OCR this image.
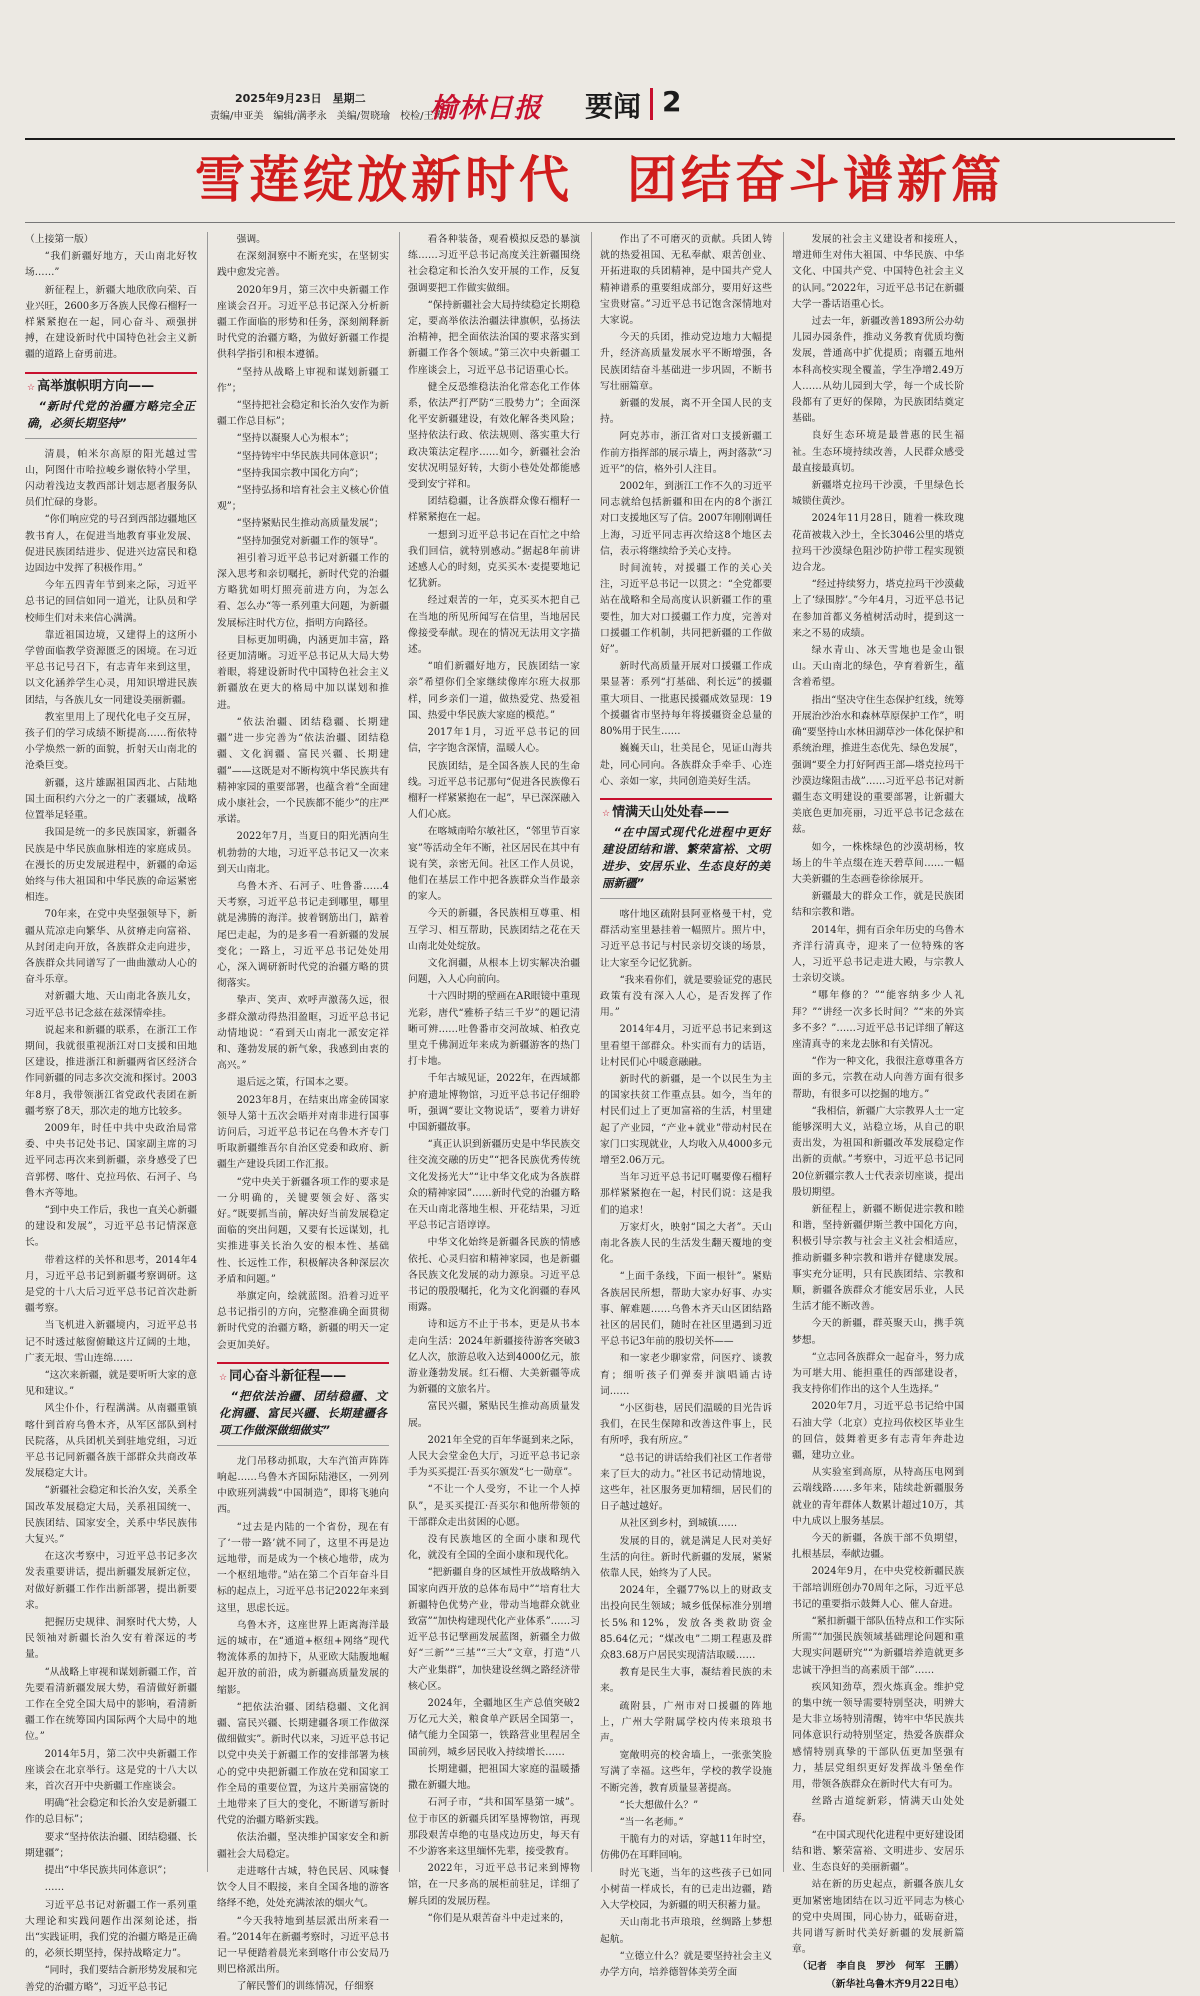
2025年9月23日　星期二
责编/申亚美　编辑/满孝永　美编/贺晓瑜　校检/王涛
榆林日报 要闻 2
雪莲绽放新时代　团结奋斗谱新篇

（上接第一版）

“我们新疆好地方，天山南北好牧场……”

新征程上，新疆大地欣欣向荣、百业兴旺，2600多万各族人民像石榴籽一样紧紧抱在一起，同心奋斗、顽强拼搏，在建设新时代中国特色社会主义新疆的道路上奋勇前进。

☆ 高举旗帜明方向——

“新时代党的治疆方略完全正确，必须长期坚持”

清晨，帕米尔高原的阳光越过雪山，阿图什市哈拉峻乡谢依特小学里，闪动着浅边支教西部计划志愿者服务队员们忙碌的身影。

“你们响应党的号召到西部边疆地区教书育人，在促进当地教育事业发展、促进民族团结进步、促进兴边富民和稳边固边中发挥了积极作用。”

今年五四青年节到来之际，习近平总书记的回信如同一道光，让队员和学校师生们对未来信心满满。

靠近祖国边境，又建得上的这所小学曾面临教学资源匮乏的困境。在习近平总书记号召下，有志青年来到这里，以文化涵养学生心灵，用知识增进民族团结，与各族儿女一同建设美丽新疆。

教室里用上了现代化电子交互屏，孩子们的学习成绩不断提高……衔依特小学焕然一新的面貌，折射天山南北的沧桑巨变。

新疆，这片雄踞祖国西北、占陆地国土面积约六分之一的广袤疆域，战略位置举足轻重。

我国是统一的多民族国家，新疆各民族是中华民族血脉相连的家庭成员。在漫长的历史发展进程中，新疆的命运始终与伟大祖国和中华民族的命运紧密相连。

70年来，在党中央坚强领导下，新疆从荒凉走向繁华、从贫瘠走向富裕、从封闭走向开放，各族群众走向进步，各族群众共同谱写了一曲曲激动人心的奋斗乐章。

对新疆大地、天山南北各族儿女，习近平总书记念兹在兹深情牵挂。

说起来和新疆的联系，在浙江工作期间，我就很重视浙江对口支援和田地区建设，推进浙江和新疆两省区经济合作同新疆的同志多次交流和探讨。2003年8月，我带领浙江省党政代表团在新疆考察了8天，那次走的地方比较多。

2009年，时任中共中央政治局常委、中央书记处书记、国家副主席的习近平同志再次来到新疆，亲身感受了巴音郭楞、喀什、克拉玛依、石河子、乌鲁木齐等地。

“到中央工作后，我也一直关心新疆的建设和发展”，习近平总书记情深意长。

带着这样的关怀和思考，2014年4月，习近平总书记到新疆考察调研。这是党的十八大后习近平总书记首次赴新疆考察。

当飞机进入新疆境内，习近平总书记不时透过舷窗俯瞰这片辽阔的土地，广袤无垠、雪山连绵……

“这次来新疆，就是要听听大家的意见和建议。”

风尘仆仆，行程满满。从南疆重镇喀什到首府乌鲁木齐，从军区部队到村民院落，从兵团机关到驻地党组，习近平总书记同新疆各族干部群众共商改革发展稳定大计。

“新疆社会稳定和长治久安，关系全国改革发展稳定大局，关系祖国统一、民族团结、国家安全，关系中华民族伟大复兴。”

在这次考察中，习近平总书记多次发表重要讲话，提出新疆发展新定位，对做好新疆工作作出新部署，提出新要求。

把握历史规律、洞察时代大势，人民领袖对新疆长治久安有着深远的考量。

“从战略上审视和谋划新疆工作，首先要看清新疆发展大势，看清做好新疆工作在全党全国大局中的影响，看清新疆工作在统筹国内国际两个大局中的地位。”

2014年5月，第二次中央新疆工作座谈会在北京举行。这是党的十八大以来，首次召开中央新疆工作座谈会。

明确“社会稳定和长治久安是新疆工作的总目标”；

要求“坚持依法治疆、团结稳疆、长期建疆”；

提出“中华民族共同体意识”；

……

习近平总书记对新疆工作一系列重大理论和实践问题作出深刻论述，指出“实践证明，我们党的治疆方略是正确的，必须长期坚持，保持战略定力”。

“同时，我们要结合新形势发展和完善党的治疆方略”，习近平总书记

强调。

在深刻洞察中不断充实，在坚韧实践中愈发完善。

2020年9月，第三次中央新疆工作座谈会召开。习近平总书记深入分析新疆工作面临的形势和任务，深刻阐释新时代党的治疆方略，为做好新疆工作提供科学指引和根本遵循。

“坚持从战略上审视和谋划新疆工作”；

“坚持把社会稳定和长治久安作为新疆工作总目标”；

“坚持以凝聚人心为根本”；

“坚持铸牢中华民族共同体意识”；

“坚持我国宗教中国化方向”；

“坚持弘扬和培育社会主义核心价值观”；

“坚持紧贴民生推动高质量发展”；

“坚持加强党对新疆工作的领导”。

袒引着习近平总书记对新疆工作的深入思考和亲切嘱托，新时代党的治疆方略犹如明灯照亮前进方向，为怎么看、怎么办“等一系列重大问题，为新疆发展标注时代方位，指明方向路径。

目标更加明确，内涵更加丰富，路径更加清晰。习近平总书记从大局大势着眼，将建设新时代中国特色社会主义新疆放在更大的格局中加以谋划和推进。

“依法治疆、团结稳疆、长期建疆”进一步完善为“依法治疆、团结稳疆、文化润疆、富民兴疆、长期建疆”——这既是对不断构筑中华民族共有精神家园的重要部署，也蕴含着“全面建成小康社会，一个民族都不能少”的庄严承诺。

2022年7月，当夏日的阳光洒向生机勃勃的大地，习近平总书记又一次来到天山南北。

乌鲁木齐、石河子、吐鲁番……4天考察，习近平总书记走到哪里，哪里就是沸腾的海洋。披着钢筋出门，踮着尾巴走起，为的是多看一看新疆的发展变化；一路上，习近平总书记处处用心，深入调研新时代党的治疆方略的贯彻落实。

挚声、笑声、欢呼声激荡久远，很多群众激动得热泪盈眶，习近平总书记动情地说：“看到天山南北一派安定祥和、蓬勃发展的新气象，我感到由衷的高兴。”

退后远之策，行国本之要。

2023年8月，在结束出席金砖国家领导人第十五次会晤并对南非进行国事访问后，习近平总书记在乌鲁木齐专门听取新疆维吾尔自治区党委和政府、新疆生产建设兵团工作汇报。

“党中央关于新疆各项工作的要求是一分明确的，关键要领会好、落实好。”既要抓当前，解决好当前发展稳定面临的突出问题，又要有长远谋划，扎实推进事关长治久安的根本性、基础性、长远性工作，积极解决各种深层次矛盾和问题。”

举旗定向，绘就蓝图。沿着习近平总书记指引的方向，完整准确全面贯彻新时代党的治疆方略，新疆的明天一定会更加美好。

☆ 同心奋斗新征程——

“把依法治疆、团结稳疆、文化润疆、富民兴疆、长期建疆各项工作做深做细做实”

龙门吊移动抓取，大车汽笛声阵阵响起……乌鲁木齐国际陆港区，一列列中欧班列满载“中国制造”，即将飞驰向西。

“过去是内陆的一个省份，现在有了‘一带一路’就不同了，这里不再是边远地带，而是成为一个核心地带，成为一个枢纽地带。”站在第二个百年奋斗目标的起点上，习近平总书记2022年来到这里，思虑长远。

乌鲁木齐，这座世界上距离海洋最远的城市，在“通道+枢纽+网络”现代物流体系的加持下，从亚欧大陆腹地崛起开放的前沿，成为新疆高质量发展的缩影。

“把依法治疆、团结稳疆、文化润疆、富民兴疆、长期建疆各项工作做深做细做实”。新时代以来，习近平总书记以党中央关于新疆工作的安排部署为核心的党中央把新疆工作放在党和国家工作全局的重要位置，为这片美丽富饶的土地带来了巨大的变化，不断谱写新时代党的治疆方略新实践。

依法治疆，坚决维护国家安全和新疆社会大局稳定。

走进喀什古城，特色民居、风味餐饮令人目不暇接，来自全国各地的游客络绎不绝，处处充满浓浓的烟火气。

“今天我特地到基层派出所来看一看。”2014年在新疆考察时，习近平总书记一早便踏着晨光来到喀什市公安局乃则巴格派出所。

了解民警们的训练情况，仔细察

看各种装备，观看模拟反恐的暴演练……习近平总书记高度关注新疆围绕社会稳定和长治久安开展的工作，反复强调要把工作做实做细。

“保持新疆社会大局持续稳定长期稳定，要高举依法治疆法律旗帜，弘扬法治精神，把全面依法治国的要求落实到新疆工作各个领域。”第三次中央新疆工作座谈会上，习近平总书记语重心长。

健全反恐维稳法治化常态化工作体系，依法严打严防“三股势力”；全面深化平安新疆建设，有效化解各类风险；坚持依法行政、依法规则、落实重大行政决策法定程序……如今，新疆社会治安状况明显好转，大街小巷处处都能感受到安宁祥和。

团结稳疆，让各族群众像石榴籽一样紧紧抱在一起。

一想到习近平总书记在百忙之中给我们回信，就特别感动。”据起8年前讲述感人心的时刻，克买买木·麦提要地记忆犹新。

经过艰苦的一年，克买买木把自己在当地的所见所闻写在信里，当地居民像接受奉献。现在的情况无法用文字描述。

“咱们新疆好地方，民族团结一家亲”希望你们全家继续像库尔班大叔那样，同乡亲们一道，做热爱党、热爱祖国、热爱中华民族大家庭的模范。”

2017年1月，习近平总书记的回信，字字饱含深情，温暖人心。

民族团结，是全国各族人民的生命线。习近平总书记那句“促进各民族像石榴籽一样紧紧抱在一起”，早已深深融入人们心底。

在喀城南哈尔敏社区，“邻里节百家宴”等活动全年不断，社区居民在其中有说有笑，亲密无间。社区工作人员说，他们在基层工作中把各族群众当作最亲的家人。

今天的新疆，各民族相互尊重、相互学习、相互帮助，民族团结之花在天山南北处处绽放。

文化润疆，从根本上切实解决治疆问题，入人心向前向。

十六四时期的壁画在AR眼镜中重现光彩，唐代“雅桥子结三千岁”的题记清晰可辨……吐鲁番市交河故城、柏孜克里克千佛洞近年来成为新疆游客的热门打卡地。

千年古城见证，2022年，在西域都护府遗址博物馆，习近平总书记仔细聆听，强调“要让文物说话”，要着力讲好中国新疆故事。

“真正认识到新疆历史是中华民族交往交流交融的历史”“把各民族优秀传统文化发扬光大”“让中华文化成为各族群众的精神家园”……新时代党的治疆方略在天山南北落地生根、开花结果，习近平总书记言语谆谆。

中华文化始终是新疆各民族的情感依托、心灵归宿和精神家园，也是新疆各民族文化发展的动力源泉。习近平总书记的殷殷嘱托，化为文化润疆的春风雨露。

诗和远方不止于书本，更是从书本走向生活：2024年新疆接待游客突破3亿人次，旅游总收入达到4000亿元，旅游业蓬勃发展。红石榴、大美新疆等成为新疆的文旅名片。

富民兴疆，紧贴民生推动高质量发展。

2021年全党的百年华诞到来之际，人民大会堂金色大厅，习近平总书记亲手为买买提江·吾买尔颁发“七一勋章”。

“不让一个人受穷，不让一个人掉队”，是买买提江·吾买尔和他所带领的干部群众走出贫困的心愿。

没有民族地区的全面小康和现代化，就没有全国的全面小康和现代化。

“把新疆自身的区域性开放战略纳入国家向西开放的总体布局中”“培育壮大新疆特色优势产业，带动当地群众就业致富”“加快构建现代化产业体系”……习近平总书记擘画发展蓝图，新疆全力做好“三新”“三基”“三大”文章，打造“八大产业集群”，加快建设丝绸之路经济带核心区。

2024年，全疆地区生产总值突破2万亿元大关，粮食单产跃居全国第一，储气能力全国第一，铁路营业里程居全国前列，城乡居民收入持续增长……

长期建疆，把祖国大家庭的温暖播撒在新疆大地。

石河子市，“共和国军垦第一城”。位于市区的新疆兵团军垦博物馆，再现那段艰苦卓绝的屯垦戍边历史，每天有不少游客来这里缅怀先辈，接受教育。

2022年，习近平总书记来到博物馆，在一尺多高的展柜前驻足，详细了解兵团的发展历程。

“你们是从艰苦奋斗中走过来的，

作出了不可磨灭的贡献。兵团人铸就的热爱祖国、无私奉献、艰苦创业、开拓进取的兵团精神，是中国共产党人精神谱系的重要组成部分，要用好这些宝贵财富。”习近平总书记饱含深情地对大家说。

今天的兵团，推动党边地力大幅提升，经济高质量发展水平不断增强，各民族团结奋斗基础进一步巩固，不断书写壮丽篇章。

新疆的发展，离不开全国人民的支持。

阿克苏市，浙江省对口支援新疆工作前方指挥部的展示墙上，两封落款“习近平”的信，格外引人注目。

2002年，到浙江工作不久的习近平同志就给包括新疆和田在内的8个浙江对口支援地区写了信。2007年刚刚调任上海，习近平同志再次给这8个地区去信，表示将继续给予关心支持。

时间流转，对援疆工作的关心关注，习近平总书记一以贯之：“全党都要站在战略和全局高度认识新疆工作的重要性，加大对口援疆工作力度，完善对口援疆工作机制，共同把新疆的工作做好”。

新时代高质量开展对口援疆工作成果显著：系列“打基础、利长远”的援疆重大项目、一批惠民援疆成效显现：19个援疆省市坚持每年将援疆资金总量的80%用于民生……

巍巍天山，壮美昆仑，见证山海共赴，同心同向。各族群众手牵手、心连心、亲如一家，共同创造美好生活。

☆ 情满天山处处春——

“在中国式现代化进程中更好建设团结和谐、繁荣富裕、文明进步、安居乐业、生态良好的美丽新疆”

喀什地区疏附县阿亚格曼干村，党群活动室里悬挂着一幅照片。照片中，习近平总书记与村民亲切交谈的场景，让大家至今记忆犹新。

“我来看你们，就是要验证党的惠民政策有没有深入人心，是否发挥了作用。”

2014年4月，习近平总书记来到这里看望干部群众。朴实而有力的话语，让村民们心中暖意融融。

新时代的新疆，是一个以民生为主的国家扶贫工作重点县。如今，当年的村民们过上了更加富裕的生活，村里建起了产业园，“产业+就业”带动村民在家门口实现就业，人均收入从4000多元增至2.06万元。

当年习近平总书记叮嘱要像石榴籽那样紧紧抱在一起，村民们说：这是我们的追求！

万家灯火，映射“国之大者”。天山南北各族人民的生活发生翻天覆地的变化。

“上面千条线，下面一根针”。紧贴各族居民所想，帮助大家办好事、办实事、解难题……乌鲁木齐天山区团结路社区的居民们，随时在社区里遇到习近平总书记3年前的殷切关怀——

和一家老少聊家常，问医疗、谈教育；细听孩子们弹奏并演唱诵古诗词……

“小区街巷，居民们温暖的目光告诉我们，在民生保障和改善这件事上，民有所呼，我有所应。”

“总书记的讲话给我们社区工作者带来了巨大的动力。”社区书记动情地说，这些年，社区服务更加精细，居民们的日子越过越好。

从社区到乡村，到城镇……

发展的目的，就是满足人民对美好生活的向往。新时代新疆的发展，紧紧依靠人民，始终为了人民。

2024年，全疆77%以上的财政支出投向民生领域；城乡低保标准分别增长5%和12%，发放各类救助资金85.64亿元；“煤改电”二期工程惠及群众83.68万户居民实现清洁取暖……

教育是民生大事，凝结着民族的未来。

疏附县，广州市对口援疆的阵地上，广州大学附属学校内传来琅琅书声。

宽敞明亮的校舍墙上，一张张笑脸写满了幸福。这些年，学校的教学设施不断完善，教育质量显著提高。

“长大想做什么？”

“当一名老师。”

干脆有力的对话，穿越11年时空，仿佛仍在耳畔回响。

时光飞逝，当年的这些孩子已如同小树苗一样成长，有的已走出边疆，踏入大学校园，为新疆的明天积蓄力量。

天山南北书声琅琅，丝绸路上梦想起航。

“立德立什么？就是要坚持社会主义办学方向，培养德智体美劳全面

发展的社会主义建设者和接班人，增进师生对伟大祖国、中华民族、中华文化、中国共产党、中国特色社会主义的认同。”2022年，习近平总书记在新疆大学一番话语重心长。

过去一年，新疆改善1893所公办幼儿园办园条件，推动义务教育优质均衡发展，普通高中扩优提质；南疆五地州本科高校实现全覆盖，学生净增2.49万人……从幼儿园到大学，每一个成长阶段都有了更好的保障，为民族团结奠定基础。

良好生态环境是最普惠的民生福祉。生态环境持续改善，人民群众感受最直接最真切。

新疆塔克拉玛干沙漠，千里绿色长城锁住黄沙。

2024年11月28日，随着一株玫瑰花苗被栽入沙土，全长3046公里的塔克拉玛干沙漠绿色阻沙防护带工程实现锁边合龙。

“经过持续努力，塔克拉玛干沙漠截上了‘绿围脖’。”今年4月，习近平总书记在参加首都义务植树活动时，提到这一来之不易的成绩。

绿水青山、冰天雪地也是金山银山。天山南北的绿色，孕育着新生，蕴含着希望。

指出“坚决守住生态保护红线，统筹开展治沙治水和森林草原保护工作”，明确“要坚持山水林田湖草沙一体化保护和系统治理，推进生态优先、绿色发展”，强调“要全力打好阿西王部—塔克拉玛干沙漠边缘阻击战”……习近平总书记对新疆生态文明建设的重要部署，让新疆大美底色更加亮丽，习近平总书记念兹在兹。

如今，一株株绿色的沙漠胡杨，牧场上的牛羊点缀在连天碧草间……一幅大美新疆的生态画卷徐徐展开。

新疆最大的群众工作，就是民族团结和宗教和谐。

2014年，拥有百余年历史的乌鲁木齐洋行清真寺，迎来了一位特殊的客人，习近平总书记走进大殿，与宗教人士亲切交谈。

“哪年修的？”“能容纳多少人礼拜？”“讲经一次多长时间？”“来的外宾多不多？”……习近平总书记详细了解这座清真寺的来龙去脉和有关情况。

“作为一种文化，我很注意尊重各方面的多元，宗教在动人向善方面有很多帮助，有很多可以挖掘的地方。”

“我相信，新疆广大宗教界人士一定能够深明大义，站稳立场，从自己的职责出发，为祖国和新疆改革发展稳定作出新的贡献。”考察中，习近平总书记同20位新疆宗教人士代表亲切座谈，提出殷切期望。

新征程上，新疆不断促进宗教和睦和谐，坚持新疆伊斯兰教中国化方向，积极引导宗教与社会主义社会相适应，推动新疆多种宗教和谐并存健康发展。事实充分证明，只有民族团结、宗教和顺，新疆各族群众才能安居乐业，人民生活才能不断改善。

今天的新疆，群英聚天山，携手筑梦想。

“立志同各族群众一起奋斗，努力成为可堪大用、能担重任的西部建设者，我支持你们作出的这个人生选择。”

2020年7月，习近平总书记给中国石油大学（北京）克拉玛依校区毕业生的回信，鼓舞着更多有志青年奔赴边疆，建功立业。

从实验室到高原，从特高压电网到云端线路……多年来，陆续赴新疆服务就业的青年群体人数累计超过10万，其中九成以上服务基层。

今天的新疆，各族干部不负期望，扎根基层，奉献边疆。

2024年9月，在中央党校新疆民族干部培训班创办70周年之际，习近平总书记的重要指示鼓舞人心、催人奋进。

“紧扣新疆干部队伍特点和工作实际所需”“加强民族领域基础理论问题和重大现实问题研究”“为新疆培养造就更多忠诚干净担当的高素质干部”……

疾风知劲草，烈火炼真金。维护党的集中统一领导需要特别坚决，明辨大是大非立场特别清醒，铸牢中华民族共同体意识行动特别坚定，热爱各族群众感情特别真挚的干部队伍更加坚强有力，基层党组织更好发挥战斗堡垒作用，带领各族群众在新时代大有可为。

丝路古道绽新彩，情满天山处处春。

“在中国式现代化进程中更好建设团结和谐、繁荣富裕、文明进步、安居乐业、生态良好的美丽新疆”。

站在新的历史起点，新疆各族儿女更加紧密地团结在以习近平同志为核心的党中央周围，同心协力，砥砺奋进，共同谱写新时代美好新疆的发展新篇章。

（记者　李自良　罗沙　何军　王鹏）

（新华社乌鲁木齐9月22日电）
